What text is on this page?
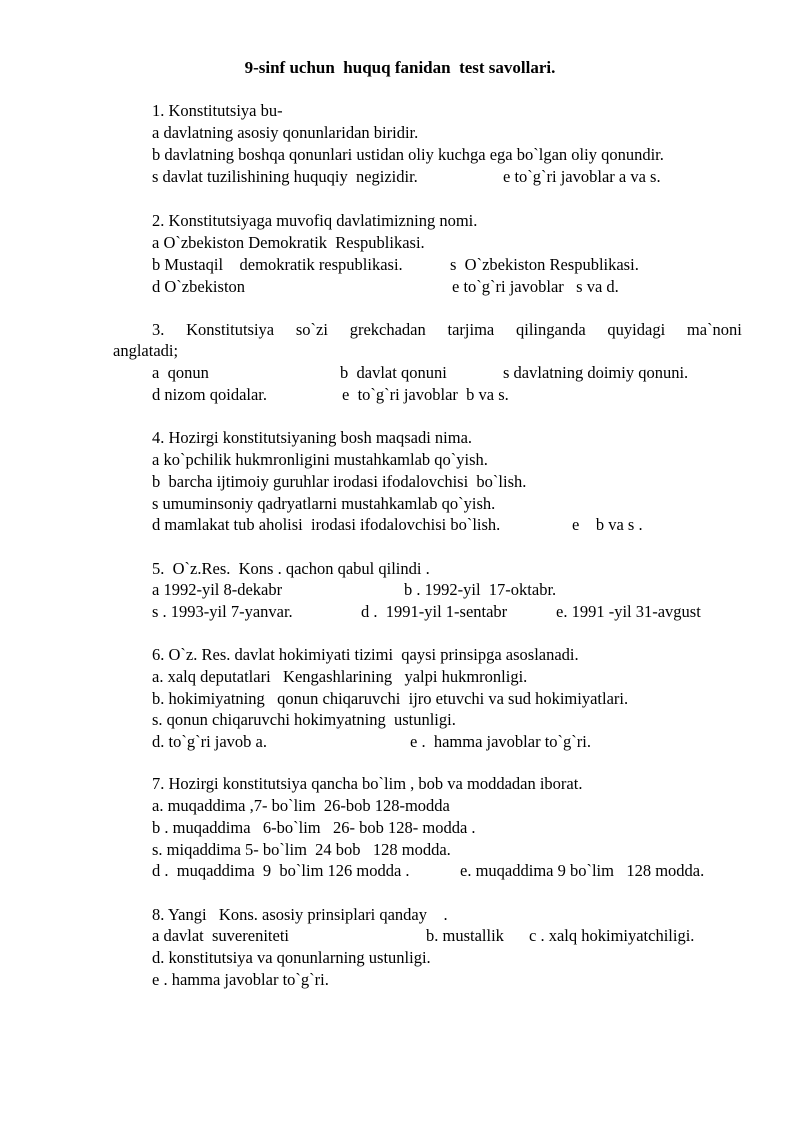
9-sinf uchun  huquq fanidan  test savollari.
1. Konstitutsiya bu-
a davlatning asosiy qonunlaridan biridir.
b davlatning boshqa qonunlari ustidan oliy kuchga ega bo`lgan oliy qonundir.
s davlat tuzilishining huquqiy  negizidir.	e to`g`ri javoblar a va s.
2. Konstitutsiyaga muvofiq davlatimizning nomi.
a O`zbekiston Demokratik  Respublikasi.
b Mustaqil    demokratik respublikasi.	s  O`zbekiston Respublikasi.
d O`zbekiston	e to`g`ri javoblar   s va d.
3. Konstitutsiya so`zi grekchadan tarjima qilinganda quyidagi ma`noni
anglatadi;
a  qonun	b  davlat qonuni	s davlatning doimiy qonuni.
d nizom qoidalar.	e  to`g`ri javoblar  b va s.
4. Hozirgi konstitutsiyaning bosh maqsadi nima.
a ko`pchilik hukmronligini mustahkamlab qo`yish.
b  barcha ijtimoiy guruhlar irodasi ifodalovchisi  bo`lish.
s umuminsoniy qadryatlarni mustahkamlab qo`yish.
d mamlakat tub aholisi  irodasi ifodalovchisi bo`lish.	e    b va s .
5.  O`z.Res.  Kons . qachon qabul qilindi .
a 1992-yil 8-dekabr	b . 1992-yil  17-oktabr.
s . 1993-yil 7-yanvar.	d .  1991-yil 1-sentabr	e. 1991 -yil 31-avgust
6. O`z. Res. davlat hokimiyati tizimi  qaysi prinsipga asoslanadi.
a. xalq deputatlari   Kengashlarining   yalpi hukmronligi.
b. hokimiyatning   qonun chiqaruvchi  ijro etuvchi va sud hokimiyatlari.
s. qonun chiqaruvchi hokimyatning  ustunligi.
d. to`g`ri javob a.	e .  hamma javoblar to`g`ri.
7. Hozirgi konstitutsiya qancha bo`lim , bob va moddadan iborat.
a. muqaddima ,7- bo`lim  26-bob 128-modda
b . muqaddima   6-bo`lim   26- bob 128- modda .
s. miqaddima 5- bo`lim  24 bob   128 modda.
d .  muqaddima  9  bo`lim 126 modda .	e. muqaddima 9 bo`lim   128 modda.
8. Yangi   Kons. asosiy prinsiplari qanday    .
a davlat  suvereniteti	b. mustallik c . xalq hokimiyatchiligi.
d. konstitutsiya va qonunlarning ustunligi.
e . hamma javoblar to`g`ri.
